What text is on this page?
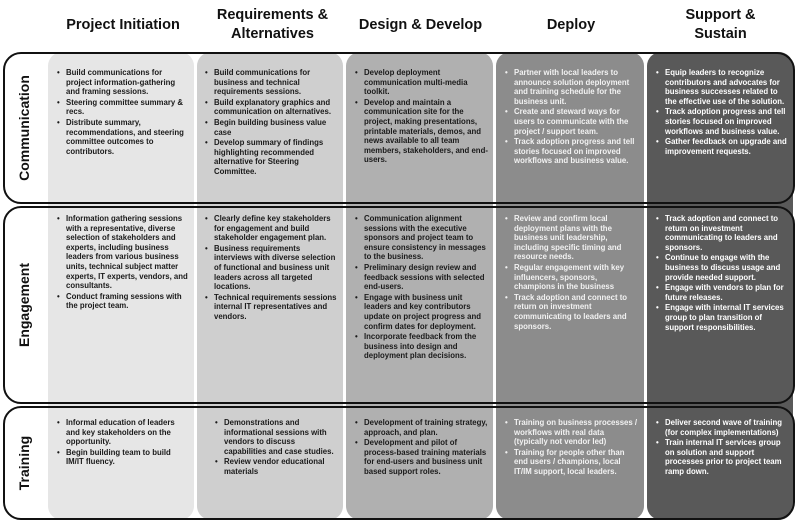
Project Initiation
Requirements & Alternatives
Design & Develop	Deploy
Support & Sustain
Communication
Engagement
Training
• Build communications for project information-gathering and framing sessions.
• Steering committee summary & recs.
• Distribute summary, recommendations, and steering committee outcomes to contributors.
• Build communications for business and technical requirements sessions.
• Build explanatory graphics and communication on alternatives.
• Begin building business value case
• Develop summary of findings highlighting recommended alternative for Steering Committee.
• Develop deployment communication multi-media toolkit.
• Develop and maintain a communication site for the project, making presentations, printable materials, demos, and news available to all team members, stakeholders, and end-users.
• Partner with local leaders to announce solution deployment and training schedule for the business unit.
• Create and steward ways for users to communicate with the project / support team.
• Track adoption progress and tell stories focused on improved workflows and business value.
• Equip leaders to recognize contributors and advocates for business successes related to the effective use of the solution.
• Track adoption progress and tell stories focused on improved workflows and business value.
• Gather feedback on upgrade and improvement requests.
• Information gathering sessions with a representative, diverse selection of stakeholders and experts, including business leaders from various business units, technical subject matter experts, IT experts, vendors, and consultants.
• Conduct framing sessions with the project team.
• Clearly define key stakeholders for engagement and build stakeholder engagement plan.
• Business requirements interviews with diverse selection of functional and business unit leaders across all targeted locations.
• Technical requirements sessions internal IT representatives and vendors.
• Communication alignment sessions with the executive sponsors and project team to ensure consistency in messages to the business.
• Preliminary design review and feedback sessions with selected end-users.
• Engage with business unit leaders and key contributors update on project progress and confirm dates for deployment.
• Incorporate feedback from the business into design and deployment plan decisions.
• Review and confirm local deployment plans with the business unit leadership, including specific timing and resource needs.
• Regular engagement with key influencers, sponsors, champions in the business
• Track adoption and connect to return on investment communicating to leaders and sponsors.
• Track adoption and connect to return on investment communicating to leaders and sponsors.
• Continue to engage with the business to discuss usage and provide needed support.
• Engage with vendors to plan for future releases.
• Engage with internal IT services group to plan transition of support responsibilities.
• Informal education of leaders and key stakeholders on the opportunity.
• Begin building team to build IM/IT fluency.
• Demonstrations and informational sessions with vendors to discuss capabilities and case studies.
• Review vendor educational materials
• Development of training strategy, approach, and plan.
• Development and pilot of process-based training materials for end-users and business unit based support roles.
• Training on business processes / workflows with real data (typically not vendor led)
• Training for people other than end users / champions, local IT/IM support, local leaders.
• Deliver second wave of training (for complex implementations)
• Train internal IT services group on solution and support processes prior to project team ramp down.
